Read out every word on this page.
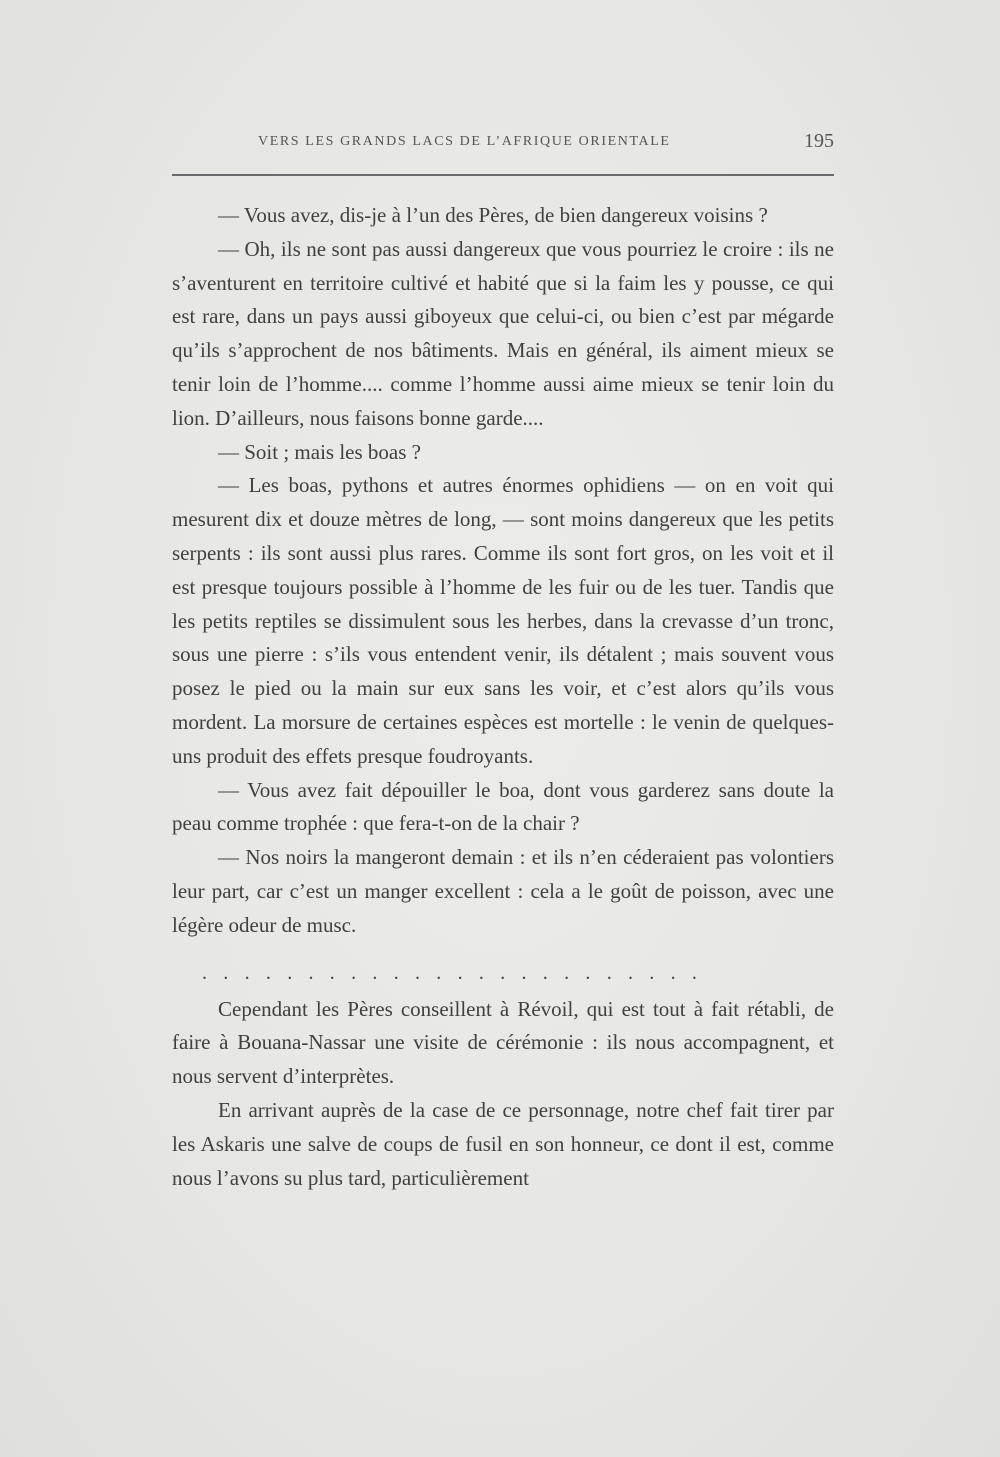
VERS LES GRANDS LACS DE L’AFRIQUE ORIENTALE	195

— Vous avez, dis-je à l’un des Pères, de bien dangereux voisins ?

— Oh, ils ne sont pas aussi dangereux que vous pourriez le croire : ils ne s’aventurent en territoire cultivé et habité que si la faim les y pousse, ce qui est rare, dans un pays aussi giboyeux que celui-ci, ou bien c’est par mégarde qu’ils s’approchent de nos bâtiments. Mais en général, ils aiment mieux se tenir loin de l’homme.... comme l’homme aussi aime mieux se tenir loin du lion. D’ailleurs, nous faisons bonne garde....

— Soit ; mais les boas ?

— Les boas, pythons et autres énormes ophidiens — on en voit qui mesurent dix et douze mètres de long, — sont moins dangereux que les petits serpents : ils sont aussi plus rares. Comme ils sont fort gros, on les voit et il est presque toujours possible à l’homme de les fuir ou de les tuer. Tandis que les petits reptiles se dissimulent sous les herbes, dans la crevasse d’un tronc, sous une pierre : s’ils vous entendent venir, ils détalent ; mais souvent vous posez le pied ou la main sur eux sans les voir, et c’est alors qu’ils vous mordent. La morsure de certaines espèces est mortelle : le venin de quelques-uns produit des effets presque foudroyants.

— Vous avez fait dépouiller le boa, dont vous garderez sans doute la peau comme trophée : que fera-t-on de la chair ?

— Nos noirs la mangeront demain : et ils n’en céderaient pas volontiers leur part, car c’est un manger excellent : cela a le goût de poisson, avec une légère odeur de musc.

........................

Cependant les Pères conseillent à Révoil, qui est tout à fait rétabli, de faire à Bouana-Nassar une visite de cérémonie : ils nous accompagnent, et nous servent d’interprètes.

En arrivant auprès de la case de ce personnage, notre chef fait tirer par les Askaris une salve de coups de fusil en son honneur, ce dont il est, comme nous l’avons su plus tard, particulièrement
